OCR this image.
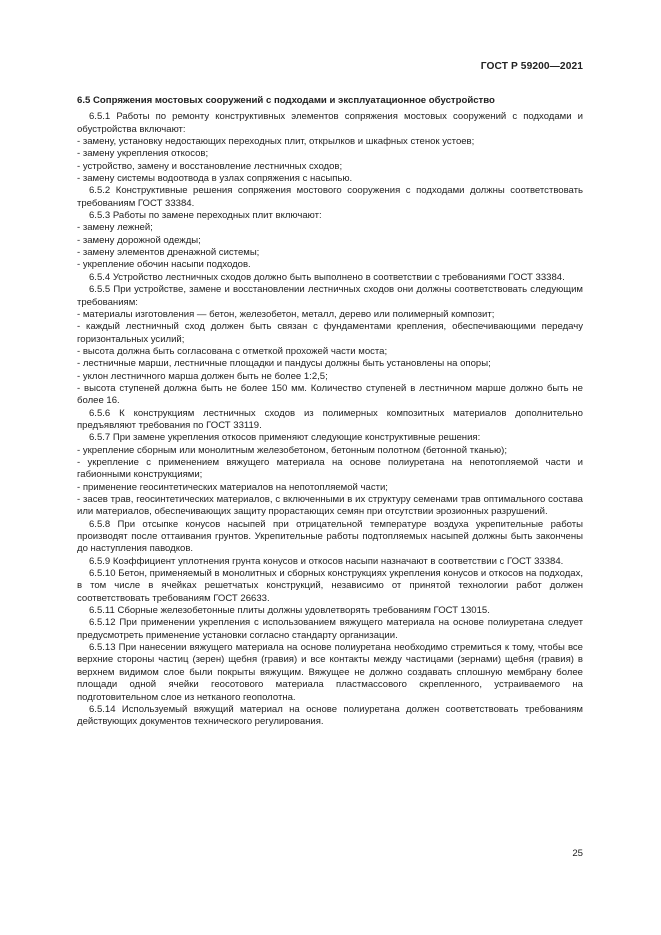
ГОСТ Р 59200—2021
6.5 Сопряжения мостовых сооружений с подходами и эксплуатационное обустройство
6.5.1 Работы по ремонту конструктивных элементов сопряжения мостовых сооружений с подходами и обустройства включают:
- замену, установку недостающих переходных плит, открылков и шкафных стенок устоев;
- замену укрепления откосов;
- устройство, замену и восстановление лестничных сходов;
- замену системы водоотвода в узлах сопряжения с насыпью.
6.5.2 Конструктивные решения сопряжения мостового сооружения с подходами должны соответствовать требованиям ГОСТ 33384.
6.5.3 Работы по замене переходных плит включают:
- замену лежней;
- замену дорожной одежды;
- замену элементов дренажной системы;
- укрепление обочин насыпи подходов.
6.5.4 Устройство лестничных сходов должно быть выполнено в соответствии с требованиями ГОСТ 33384.
6.5.5 При устройстве, замене и восстановлении лестничных сходов они должны соответствовать следующим требованиям:
- материалы изготовления — бетон, железобетон, металл, дерево или полимерный композит;
- каждый лестничный сход должен быть связан с фундаментами крепления, обеспечивающими передачу горизонтальных усилий;
- высота должна быть согласована с отметкой прохожей части моста;
- лестничные марши, лестничные площадки и пандусы должны быть установлены на опоры;
- уклон лестничного марша должен быть не более 1:2,5;
- высота ступеней должна быть не более 150 мм. Количество ступеней в лестничном марше должно быть не более 16.
6.5.6 К конструкциям лестничных сходов из полимерных композитных материалов дополнительно предъявляют требования по ГОСТ 33119.
6.5.7 При замене укрепления откосов применяют следующие конструктивные решения:
- укрепление сборным или монолитным железобетоном, бетонным полотном (бетонной тканью);
- укрепление с применением вяжущего материала на основе полиуретана на непотопляемой части и габионными конструкциями;
- применение геосинтетических материалов на непотопляемой части;
- засев трав, геосинтетических материалов, с включенными в их структуру семенами трав оптимального состава или материалов, обеспечивающих защиту прорастающих семян при отсутствии эрозионных разрушений.
6.5.8 При отсыпке конусов насыпей при отрицательной температуре воздуха укрепительные работы производят после оттаивания грунтов. Укрепительные работы подтопляемых насыпей должны быть закончены до наступления паводков.
6.5.9 Коэффициент уплотнения грунта конусов и откосов насыпи назначают в соответствии с ГОСТ 33384.
6.5.10 Бетон, применяемый в монолитных и сборных конструкциях укрепления конусов и откосов на подходах, в том числе в ячейках решетчатых конструкций, независимо от принятой технологии работ должен соответствовать требованиям ГОСТ 26633.
6.5.11 Сборные железобетонные плиты должны удовлетворять требованиям ГОСТ 13015.
6.5.12 При применении укрепления с использованием вяжущего материала на основе полиуретана следует предусмотреть применение установки согласно стандарту организации.
6.5.13 При нанесении вяжущего материала на основе полиуретана необходимо стремиться к тому, чтобы все верхние стороны частиц (зерен) щебня (гравия) и все контакты между частицами (зернами) щебня (гравия) в верхнем видимом слое были покрыты вяжущим. Вяжущее не должно создавать сплошную мембрану более площади одной ячейки геосотового материала пластмассового скрепленного, устраиваемого на подготовительном слое из нетканого геополотна.
6.5.14 Используемый вяжущий материал на основе полиуретана должен соответствовать требованиям действующих документов технического регулирования.
25
